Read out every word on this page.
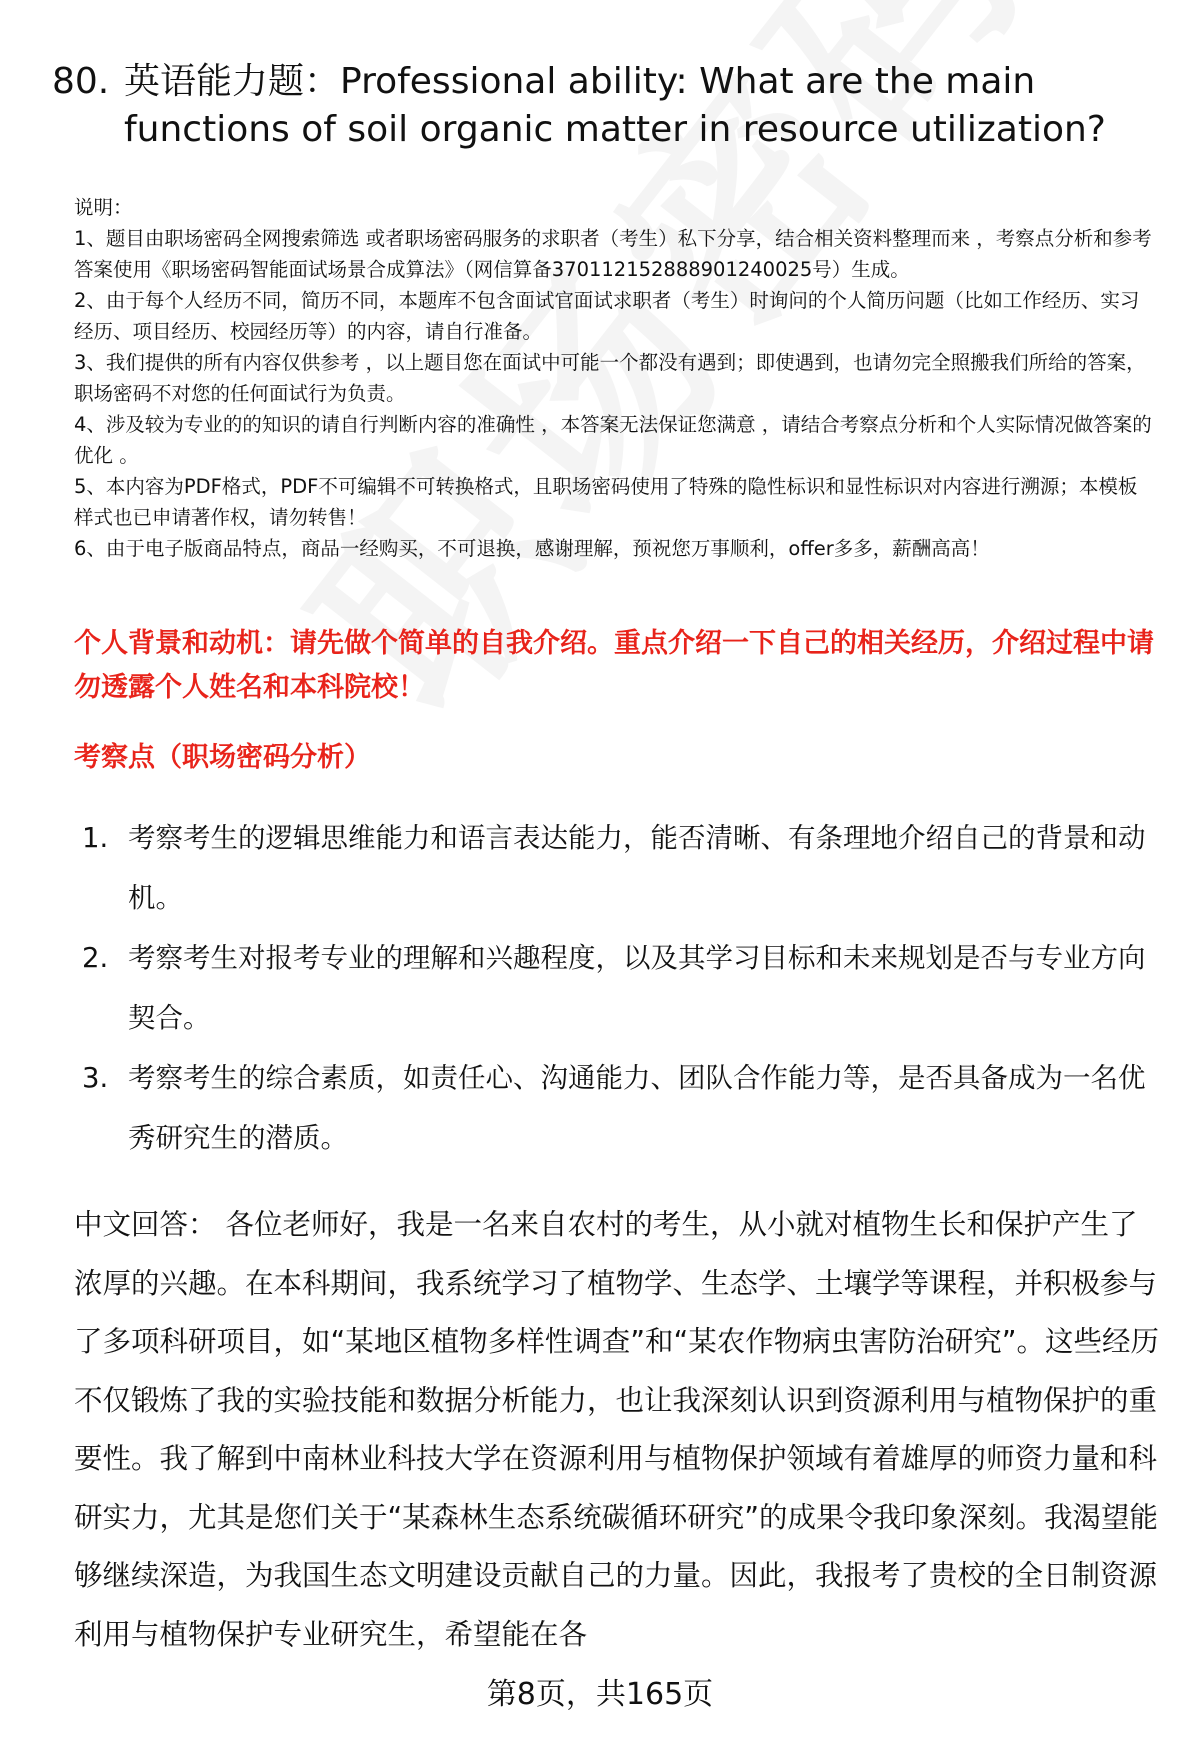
80. 英语能力题：Professional ability: What are the main functions of soil organic matter in resource utilization?

说明：

1、题目由职场密码全网搜索筛选 或者职场密码服务的求职者（考生）私下分享，结合相关资料整理而来 ，考察点分析和参考答案使用《职场密码智能面试场景合成算法》（网信算备370112152888901240025号）生成。

2、由于每个人经历不同，简历不同，本题库不包含面试官面试求职者（考生）时询问的个人简历问题（比如工作经历、实习经历、项目经历、校园经历等）的内容，请自行准备。

3、我们提供的所有内容仅供参考 ，以上题目您在面试中可能一个都没有遇到；即使遇到，也请勿完全照搬我们所给的答案，职场密码不对您的任何面试行为负责。

4、涉及较为专业的的知识的请自行判断内容的准确性 ，本答案无法保证您满意 ，请结合考察点分析和个人实际情况做答案的优化 。

5、本内容为PDF格式，PDF不可编辑不可转换格式，且职场密码使用了特殊的隐性标识和显性标识对内容进行溯源；本模板样式也已申请著作权，请勿转售！

6、由于电子版商品特点，商品一经购买，不可退换，感谢理解，预祝您万事顺利，offer多多，薪酬高高！

个人背景和动机：请先做个简单的自我介绍。重点介绍一下自己的相关经历，介绍过程中请勿透露个人姓名和本科院校！
考察点（职场密码分析）
1. 考察考生的逻辑思维能力和语言表达能力，能否清晰、有条理地介绍自己的背景和动机。
2. 考察考生对报考专业的理解和兴趣程度，以及其学习目标和未来规划是否与专业方向契合。
3. 考察考生的综合素质，如责任心、沟通能力、团队合作能力等，是否具备成为一名优秀研究生的潜质。

中文回答： 各位老师好，我是一名来自农村的考生，从小就对植物生长和保护产生了浓厚的兴趣。在本科期间，我系统学习了植物学、生态学、土壤学等课程，并积极参与了多项科研项目，如“某地区植物多样性调查”和“某农作物病虫害防治研究”。这些经历不仅锻炼了我的实验技能和数据分析能力，也让我深刻认识到资源利用与植物保护的重要性。我了解到中南林业科技大学在资源利用与植物保护领域有着雄厚的师资力量和科研实力，尤其是您们关于“某森林生态系统碳循环研究”的成果令我印象深刻。我渴望能够继续深造，为我国生态文明建设贡献自己的力量。因此，我报考了贵校的全日制资源利用与植物保护专业研究生，希望能在各

第8页，共165页
